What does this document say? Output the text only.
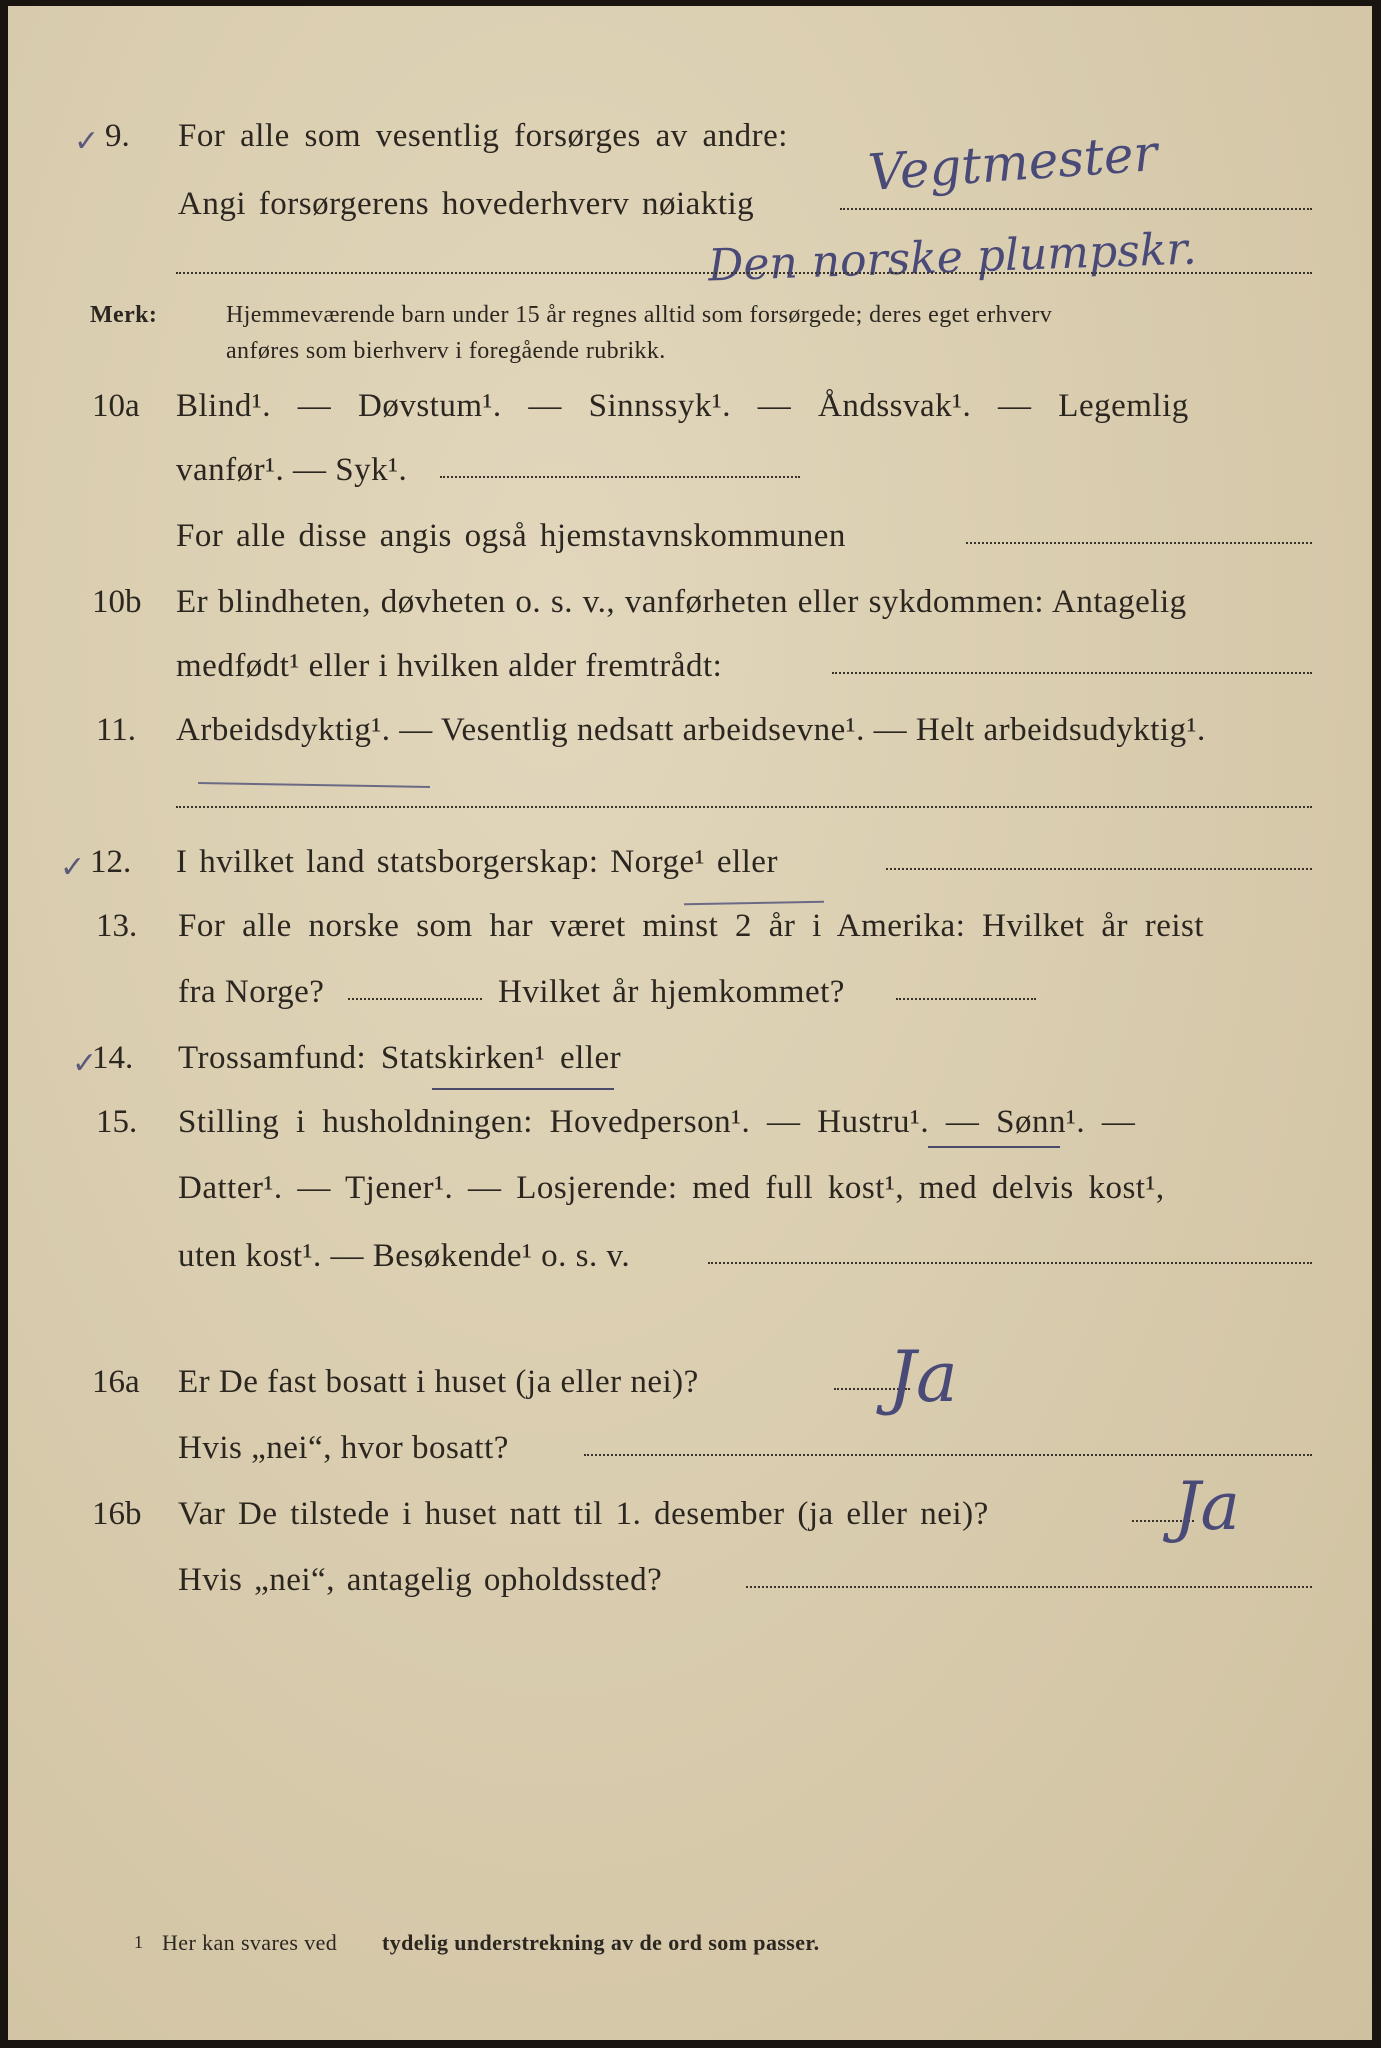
✓ 9. For alle som vesentlig forsørges av andre: Vegtmester
Angi forsørgerens hovederhverv nøiaktig
Den norske plumpskr.
Merk:	Hjemmeværende barn under 15 år regnes alltid som forsørgede; deres eget erhverv
anføres som bierhverv i foregående rubrikk.
10a Blind¹. — Døvstum¹. — Sinnssyk¹. — Åndssvak¹. — Legemlig
vanfør¹. — Syk¹.
For alle disse angis også hjemstavnskommunen
10b Er blindheten, døvheten o. s. v., vanførheten eller sykdommen: Antagelig
medfødt¹ eller i hvilken alder fremtrådt:
11. Arbeidsdyktig¹. — Vesentlig nedsatt arbeidsevne¹. — Helt arbeidsudyktig¹.
✓ 12. I hvilket land statsborgerskap: Norge¹ eller
13. For alle norske som har været minst 2 år i Amerika: Hvilket år reist
fra Norge?	Hvilket år hjemkommet?
✓
14. Trossamfund: Statskirken¹ eller
15. Stilling i husholdningen: Hovedperson¹. — Hustru¹. — Sønn¹. —
Datter¹. — Tjener¹. — Losjerende: med full kost¹, med delvis kost¹,
uten kost¹. — Besøkende¹ o. s. v.
16a Er De fast bosatt i huset (ja eller nei)?	Ja
Hvis „nei“, hvor bosatt?
16b Var De tilstede i huset natt til 1. desember (ja eller nei)?	Ja
Hvis „nei“, antagelig opholdssted?
1 Her kan svares ved tydelig understrekning av de ord som passer.
